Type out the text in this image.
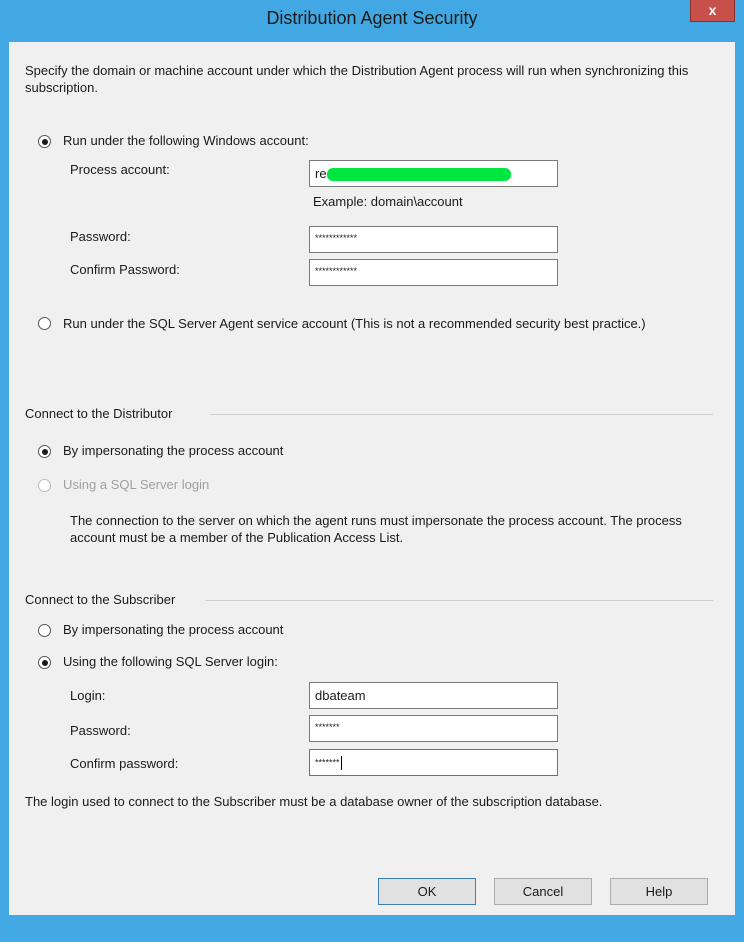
Distribution Agent Security	x
Specify the domain or machine account under which the Distribution Agent process will run when synchronizing this subscription.
Run under the following Windows account:
Process account:	re
Example: domain\account
Password:	************
Confirm Password:	************
Run under the SQL Server Agent service account (This is not a recommended security best practice.)
Connect to the Distributor
By impersonating the process account
Using a SQL Server login
The connection to the server on which the agent runs must impersonate the process account. The process account must be a member of the Publication Access List.
Connect to the Subscriber
By impersonating the process account
Using the following SQL Server login:
Login:	dbateam
Password:	*******
Confirm password:	*******
The login used to connect to the Subscriber must be a database owner of the subscription database.
OK	Cancel	Help
